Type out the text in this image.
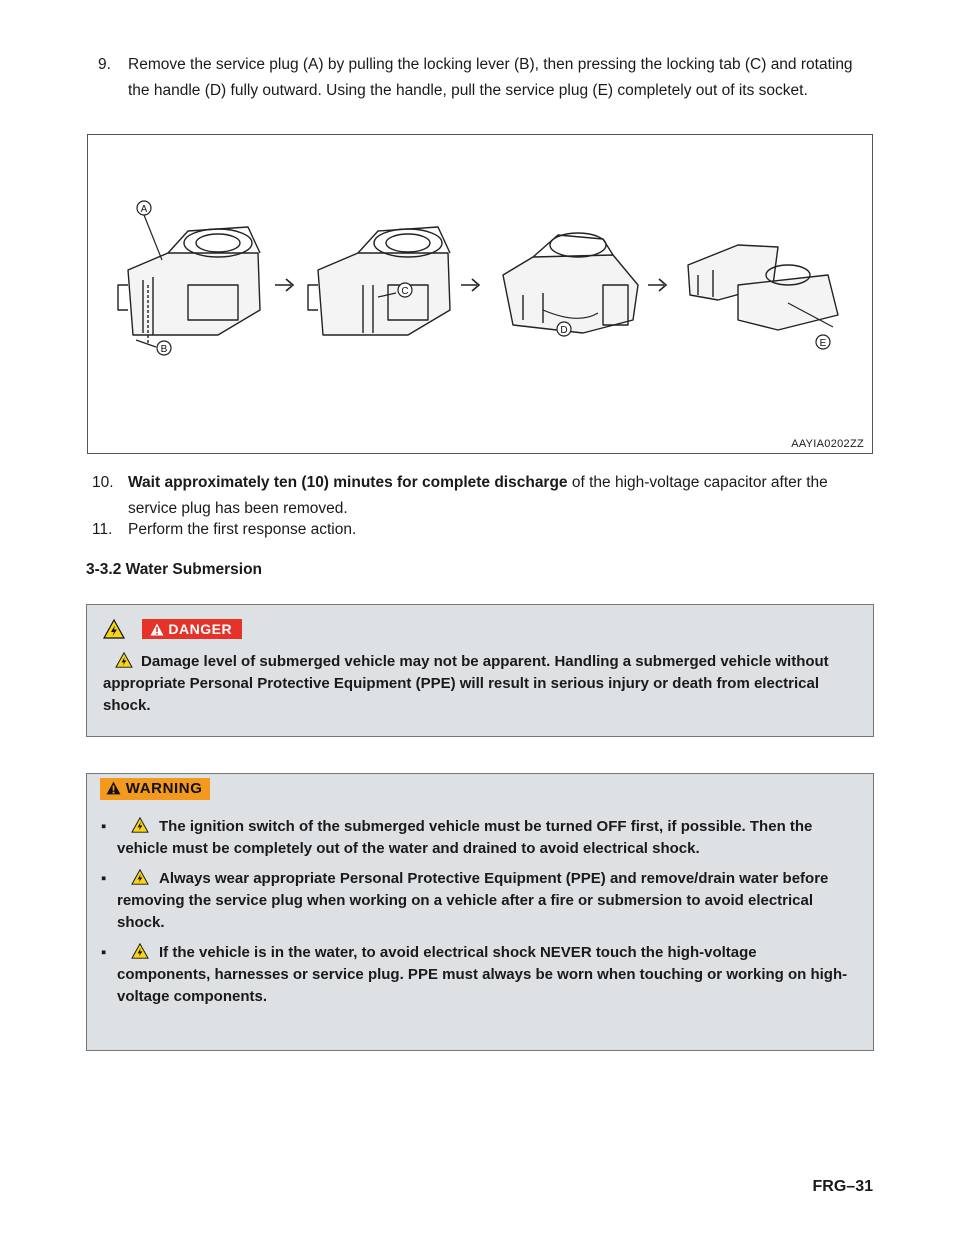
9. Remove the service plug (A) by pulling the locking lever (B), then pressing the locking tab (C) and rotating the handle (D) fully outward. Using the handle, pull the service plug (E) completely out of its socket.
A
B
C
D
E
AAYIA0202ZZ
10. Wait approximately ten (10) minutes for complete discharge of the high-voltage capacitor after the service plug has been removed.
11. Perform the first response action.
3-3.2 Water Submersion
DANGER
Damage level of submerged vehicle may not be apparent. Handling a submerged vehicle without appropriate Personal Protective Equipment (PPE) will result in serious injury or death from electrical shock.
WARNING
▪	The ignition switch of the submerged vehicle must be turned OFF first, if possible. Then the vehicle must be completely out of the water and drained to avoid electrical shock.
▪	Always wear appropriate Personal Protective Equipment (PPE) and remove/drain water before removing the service plug when working on a vehicle after a fire or submersion to avoid electrical shock.
▪	If the vehicle is in the water, to avoid electrical shock NEVER touch the high-voltage components, harnesses or service plug. PPE must always be worn when touching or working on high-voltage components.
FRG–31
